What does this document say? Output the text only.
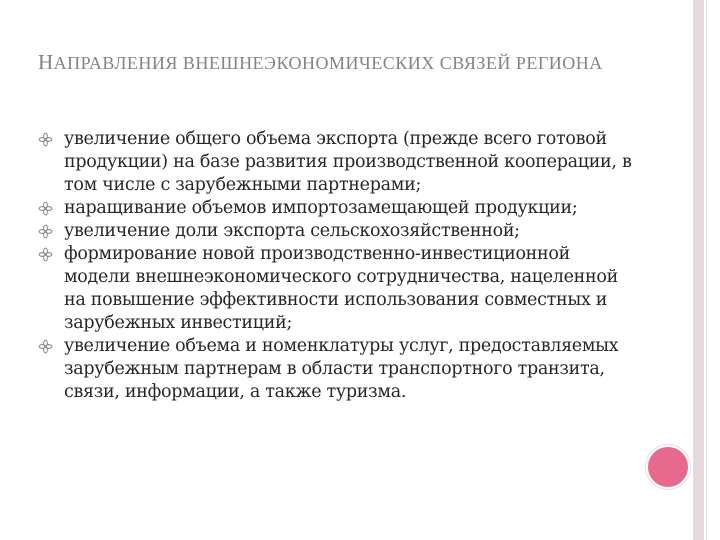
НАПРАВЛЕНИЯ ВНЕШНЕЭКОНОМИЧЕСКИХ СВЯЗЕЙ РЕГИОНА
увеличение общего объема экспорта (прежде всего готовой продукции) на базе развития производственной кооперации, в том числе с зарубежными партнерами;
наращивание объемов импортозамещающей продукции;
увеличение доли экспорта сельскохозяйственной;
формирование новой производственно-инвестиционной модели внешнеэкономического сотрудничества, нацеленной на повышение эффективности использования совместных и зарубежных инвестиций;
увеличение объема и номенклатуры услуг, предоставляемых зарубежным партнерам в области транспортного транзита, связи, информации, а также туризма.
